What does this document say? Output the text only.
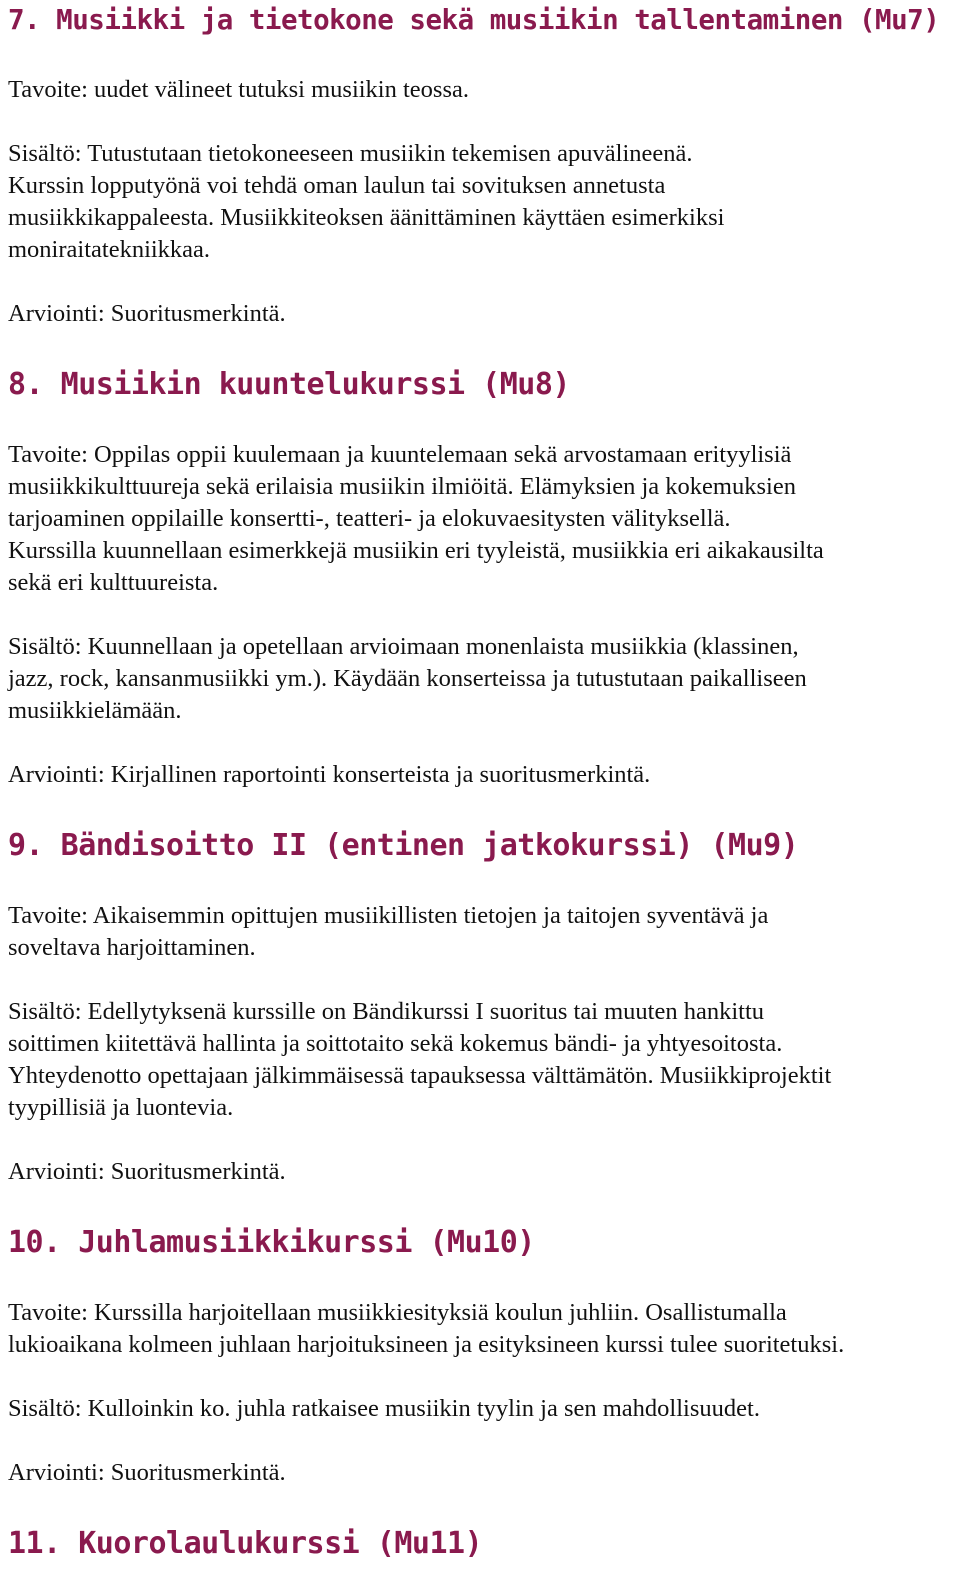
7. Musiikki ja tietokone sekä musiikin tallentaminen (Mu7)

Tavoite: uudet välineet tutuksi musiikin teossa.

Sisältö: Tutustutaan tietokoneeseen musiikin tekemisen apuvälineenä.
Kurssin lopputyönä voi tehdä oman laulun tai sovituksen annetusta
musiikkikappaleesta. Musiikkiteoksen äänittäminen käyttäen esimerkiksi
moniraitatekniikkaa.

Arviointi: Suoritusmerkintä.

8. Musiikin kuuntelukurssi (Mu8)

Tavoite: Oppilas oppii kuulemaan ja kuuntelemaan sekä arvostamaan erityylisiä
musiikkikulttuureja sekä erilaisia musiikin ilmiöitä. Elämyksien ja kokemuksien
tarjoaminen oppilaille konsertti-, teatteri- ja elokuvaesitysten välityksellä.
Kurssilla kuunnellaan esimerkkejä musiikin eri tyyleistä, musiikkia eri aikakausilta
sekä eri kulttuureista.

Sisältö: Kuunnellaan ja opetellaan arvioimaan monenlaista musiikkia (klassinen,
jazz, rock, kansanmusiikki ym.). Käydään konserteissa ja tutustutaan paikalliseen
musiikkielämään.

Arviointi: Kirjallinen raportointi konserteista ja suoritusmerkintä.

9. Bändisoitto II (entinen jatkokurssi) (Mu9)

Tavoite: Aikaisemmin opittujen musiikillisten tietojen ja taitojen syventävä ja
soveltava harjoittaminen.

Sisältö: Edellytyksenä kurssille on Bändikurssi I suoritus tai muuten hankittu
soittimen kiitettävä hallinta ja soittotaito sekä kokemus bändi- ja yhtyesoitosta.
Yhteydenotto opettajaan jälkimmäisessä tapauksessa välttämätön. Musiikkiprojektit
tyypillisiä ja luontevia.

Arviointi: Suoritusmerkintä.

10. Juhlamusiikkikurssi (Mu10)

Tavoite: Kurssilla harjoitellaan musiikkiesityksiä koulun juhliin. Osallistumalla
lukioaikana kolmeen juhlaan harjoituksineen ja esityksineen kurssi tulee suoritetuksi.

Sisältö: Kulloinkin ko. juhla ratkaisee musiikin tyylin ja sen mahdollisuudet.

Arviointi: Suoritusmerkintä.

11. Kuorolaulukurssi (Mu11)
